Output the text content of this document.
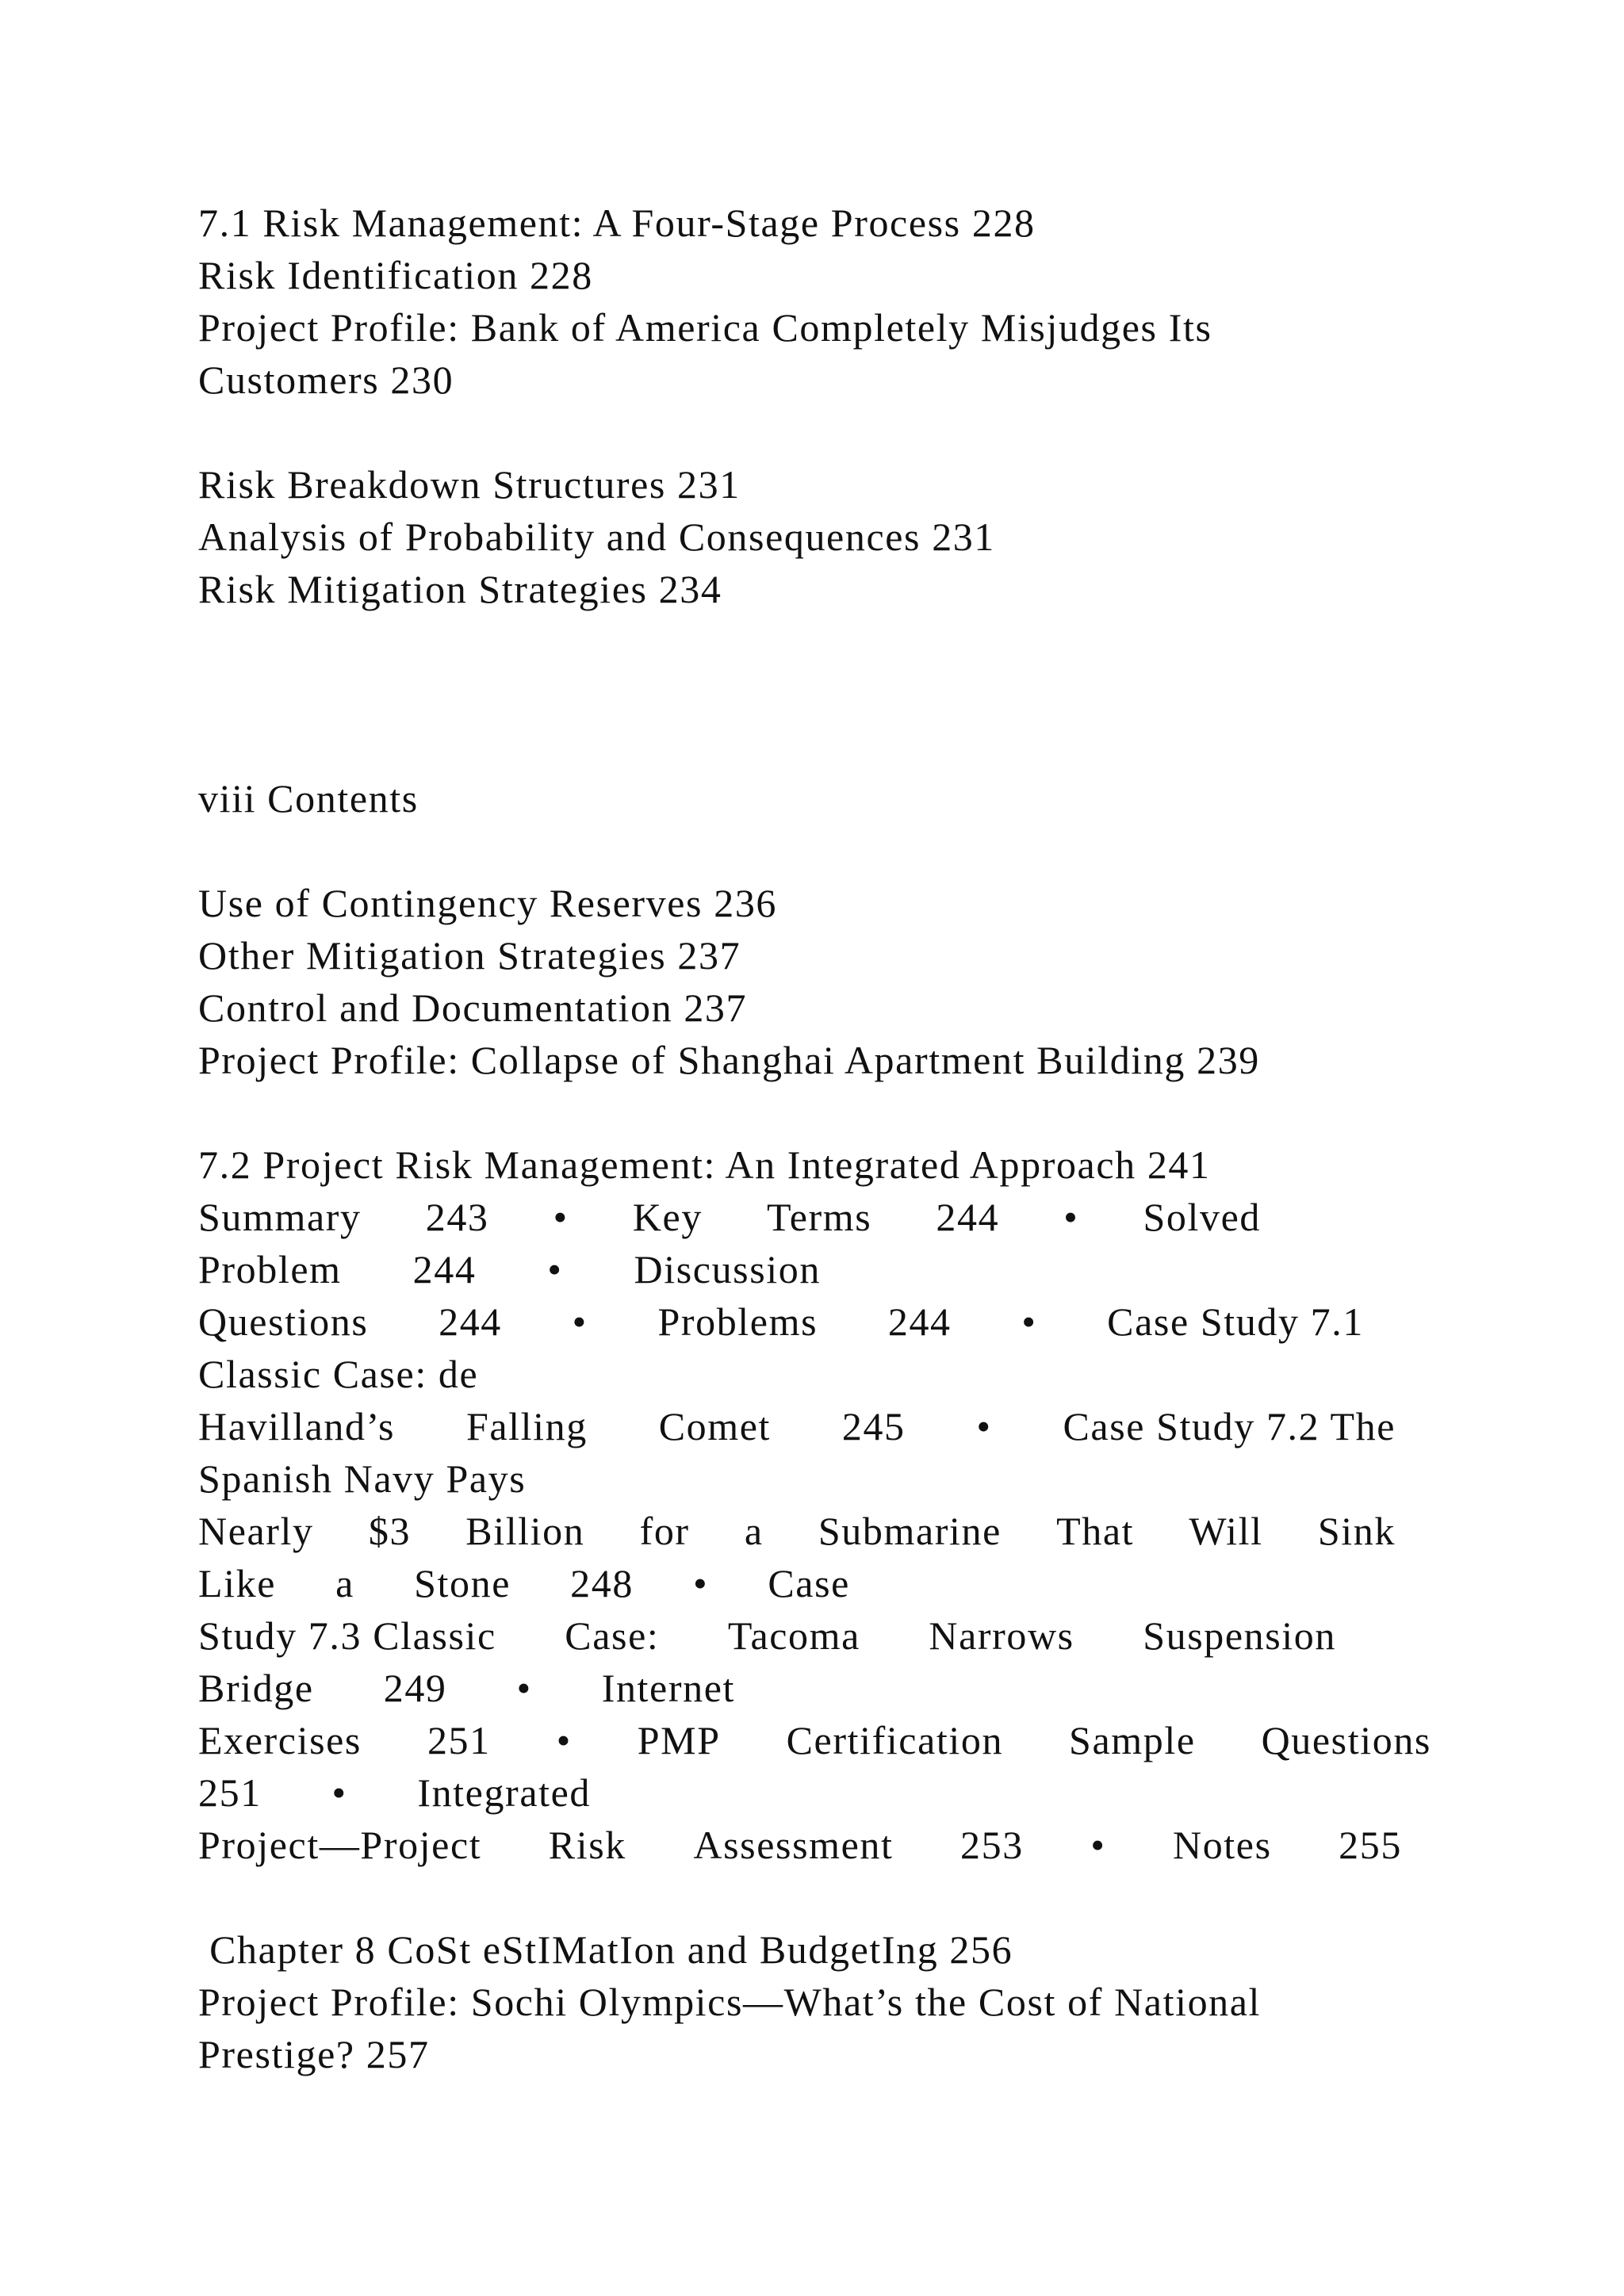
7.1 Risk Management: A Four-Stage Process 228
Risk Identification 228
Project Profile: Bank of America Completely Misjudges Its
Customers 230
Risk Breakdown Structures 231
Analysis of Probability and Consequences 231
Risk Mitigation Strategies 234
viii Contents
Use of Contingency Reserves 236
Other Mitigation Strategies 237
Control and Documentation 237
Project Profile: Collapse of Shanghai Apartment Building 239
7.2 Project Risk Management: An Integrated Approach 241
Summary 243 • Key Terms 244 • Solved
Problem 244 • Discussion
Questions 244 • Problems 244 • Case Study 7.1
Classic Case: de
Havilland’s Falling Comet 245 • Case Study 7.2 The
Spanish Navy Pays
Nearly $3 Billion for a Submarine That Will Sink
Like a Stone 248 • Case
Study 7.3 Classic Case: Tacoma Narrows Suspension
Bridge 249 • Internet
Exercises 251 • PMP Certification Sample Questions
251 • Integrated
Project—Project Risk Assessment 253 • Notes 255
Chapter 8 CoSt eStIMatIon and BudgetIng 256
Project Profile: Sochi Olympics—What’s the Cost of National
Prestige? 257
